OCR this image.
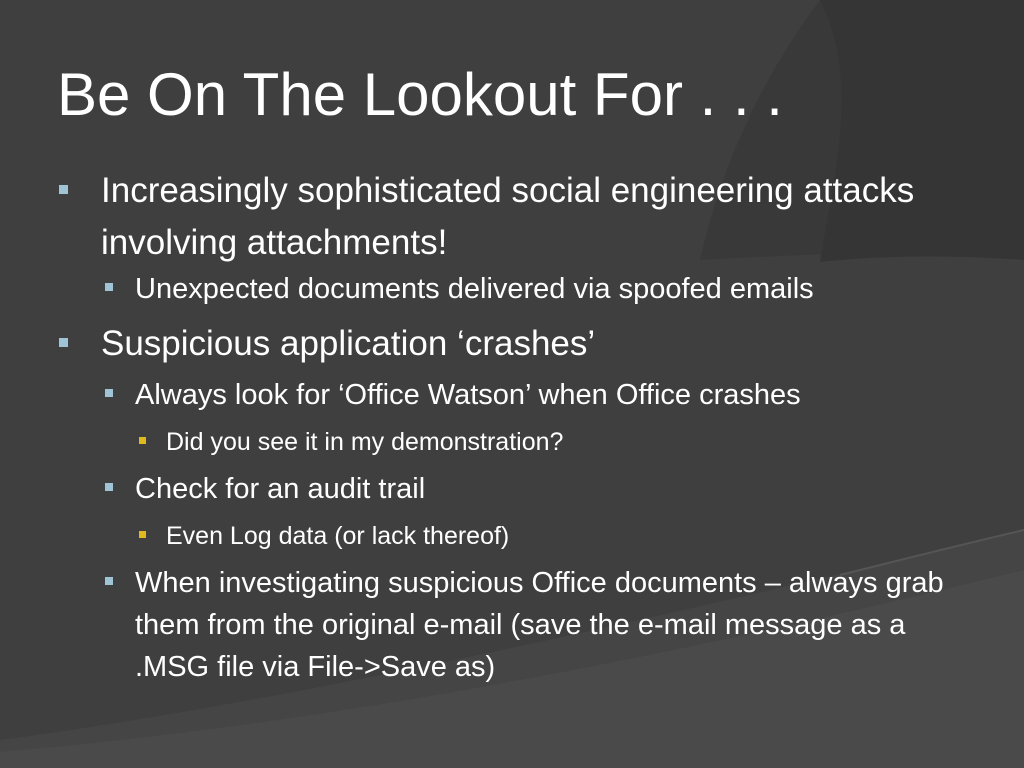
Be On The Lookout For . . .
Increasingly sophisticated social engineering attacks involving attachments!
Unexpected documents delivered via spoofed emails
Suspicious application ‘crashes’
Always look for ‘Office Watson’ when Office crashes
Did you see it in my demonstration?
Check for an audit trail
Even Log data (or lack thereof)
When investigating suspicious Office documents – always grab them from the original e-mail (save the e-mail message as a .MSG file via File->Save as)
